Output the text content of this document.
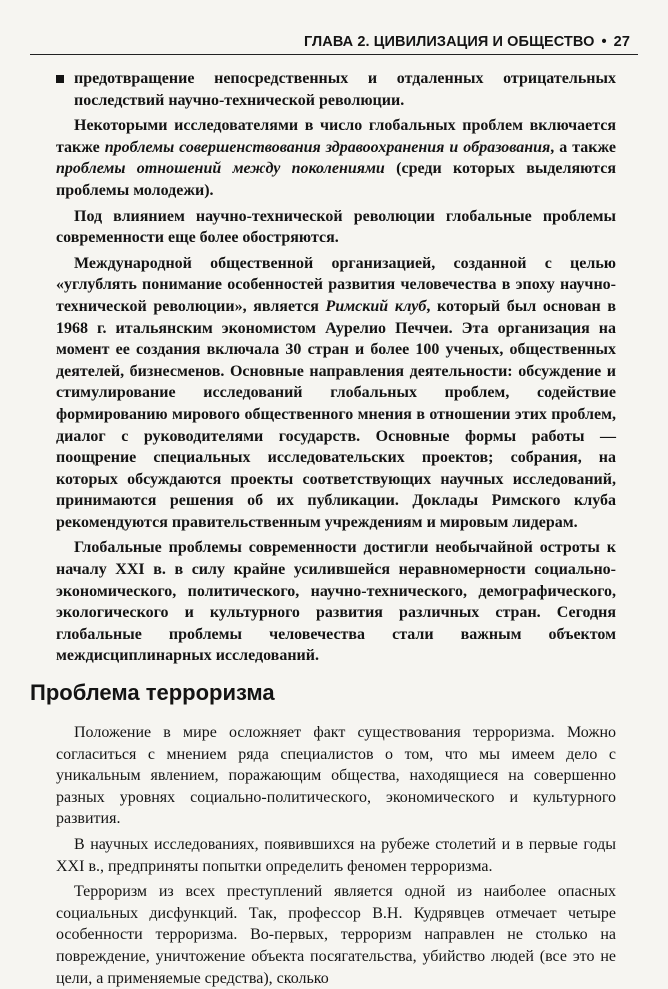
ГЛАВА 2. ЦИВИЛИЗАЦИЯ И ОБЩЕСТВО • 27

предотвращение непосредственных и отдаленных отрицательных последствий научно-технической революции.

Некоторыми исследователями в число глобальных проблем включается также проблемы совершенствования здравоохранения и образования, а также проблемы отношений между поколениями (среди которых выделяются проблемы молодежи).

Под влиянием научно-технической революции глобальные проблемы современности еще более обостряются.

Международной общественной организацией, созданной с целью «углублять понимание особенностей развития человечества в эпоху научно-технической революции», является Римский клуб, который был основан в 1968 г. итальянским экономистом Аурелио Печчеи. Эта организация на момент ее создания включала 30 стран и более 100 ученых, общественных деятелей, бизнесменов. Основные направления деятельности: обсуждение и стимулирование исследований глобальных проблем, содействие формированию мирового общественного мнения в отношении этих проблем, диалог с руководителями государств. Основные формы работы — поощрение специальных исследовательских проектов; собрания, на которых обсуждаются проекты соответствующих научных исследований, принимаются решения об их публикации. Доклады Римского клуба рекомендуются правительственным учреждениям и мировым лидерам.

Глобальные проблемы современности достигли необычайной остроты к началу XXI в. в силу крайне усилившейся неравномерности социально-экономического, политического, научно-технического, демографического, экологического и культурного развития различных стран. Сегодня глобальные проблемы человечества стали важным объектом междисциплинарных исследований.

Проблема терроризма

Положение в мире осложняет факт существования терроризма. Можно согласиться с мнением ряда специалистов о том, что мы имеем дело с уникальным явлением, поражающим общества, находящиеся на совершенно разных уровнях социально-политического, экономического и культурного развития.

В научных исследованиях, появившихся на рубеже столетий и в первые годы XXI в., предприняты попытки определить феномен терроризма.

Терроризм из всех преступлений является одной из наиболее опасных социальных дисфункций. Так, профессор В.Н. Кудрявцев отмечает четыре особенности терроризма. Во-первых, терроризм направлен не столько на повреждение, уничтожение объекта посягательства, убийство людей (все это не цели, а применяемые средства), сколько
